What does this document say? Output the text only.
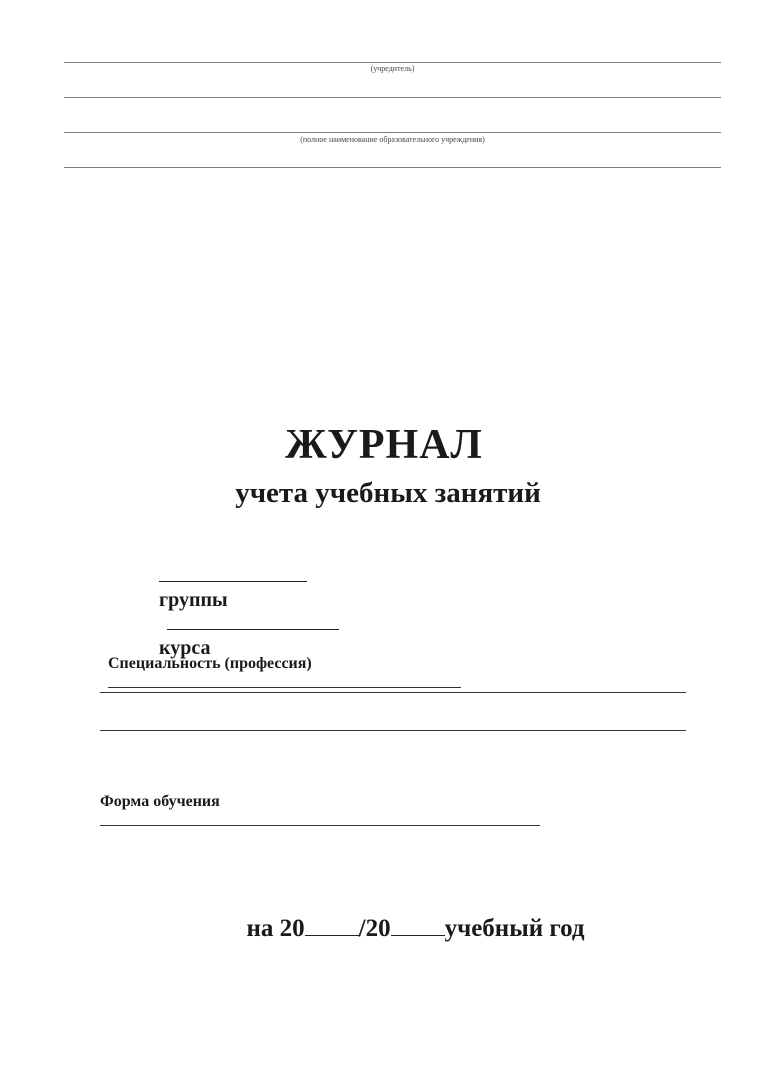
(учредитель)
(полное наименование образовательного учреждения)
ЖУРНАЛ
учета учебных занятий

группы

курса

Специальность (профессия)

Форма обучения

на 20 /20 учебный год
